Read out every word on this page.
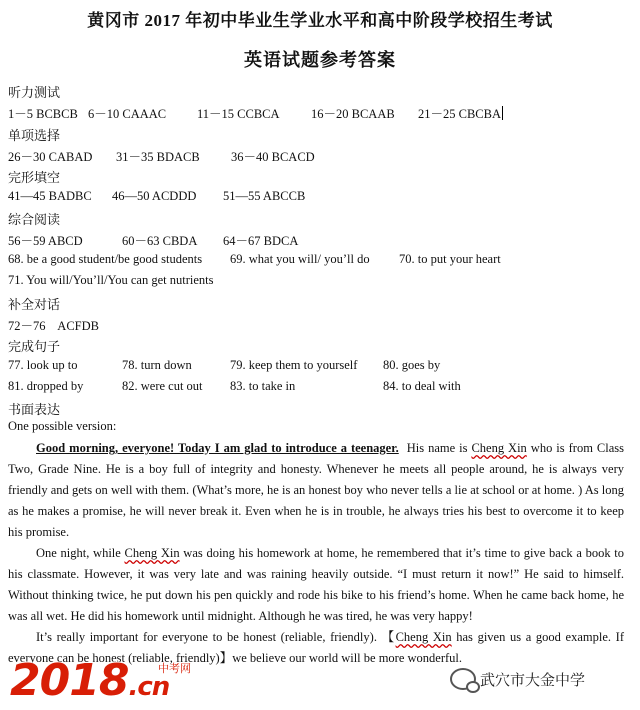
黄冈市 2017 年初中毕业生学业水平和高中阶段学校招生考试
英语试题参考答案
听力测试
1－5 BCBCB 6－10 CAAAC 11－15 CCBCA	16－20 BCAAB 21－25 CBCBA
单项选择
26－30 CABAD 31－35 BDACB	36－40 BCACD
完形填空
41—45 BADBC 46—50 ACDDD 51—55 ABCCB
综合阅读
56－59 ABCD	60－63 CBDA 64－67 BDCA
68. be a good student/be good students 69. what you will/ you’ll do 70. to put your heart
71. You will/You’ll/You can get nutrients
补全对话
72－76    ACFDB
完成句子
77. look up to	78. turn down	79. keep them to yourself 80. goes by
81. dropped by	82. were cut out 83. to take in	84. to deal with
书面表达
One possible version:

Good morning, everyone! Today I am glad to introduce a teenager.  His name is Cheng Xin who is from Class Two, Grade Nine. He is a boy full of integrity and honesty. Whenever he meets all people around, he is always very friendly and gets on well with them. (What’s more, he is an honest boy who never tells a lie at school or at home. ) As long as he makes a promise, he will never break it. Even when he is in trouble, he always tries his best to overcome it to keep his promise.

One night, while Cheng Xin was doing his homework at home, he remembered that it’s time to give back a book to his classmate. However, it was very late and was raining heavily outside. “I must return it now!” He said to himself. Without thinking twice, he put down his pen quickly and rode his bike to his friend’s home. When he came back home, he was all wet. He did his homework until midnight. Although he was tired, he was very happy!

It’s really important for everyone to be honest (reliable, friendly). 【Cheng Xin has given us a good example. If everyone can be honest (reliable, friendly)】we believe our world will be more wonderful.

2018.cn
中考网
武穴市大金中学
